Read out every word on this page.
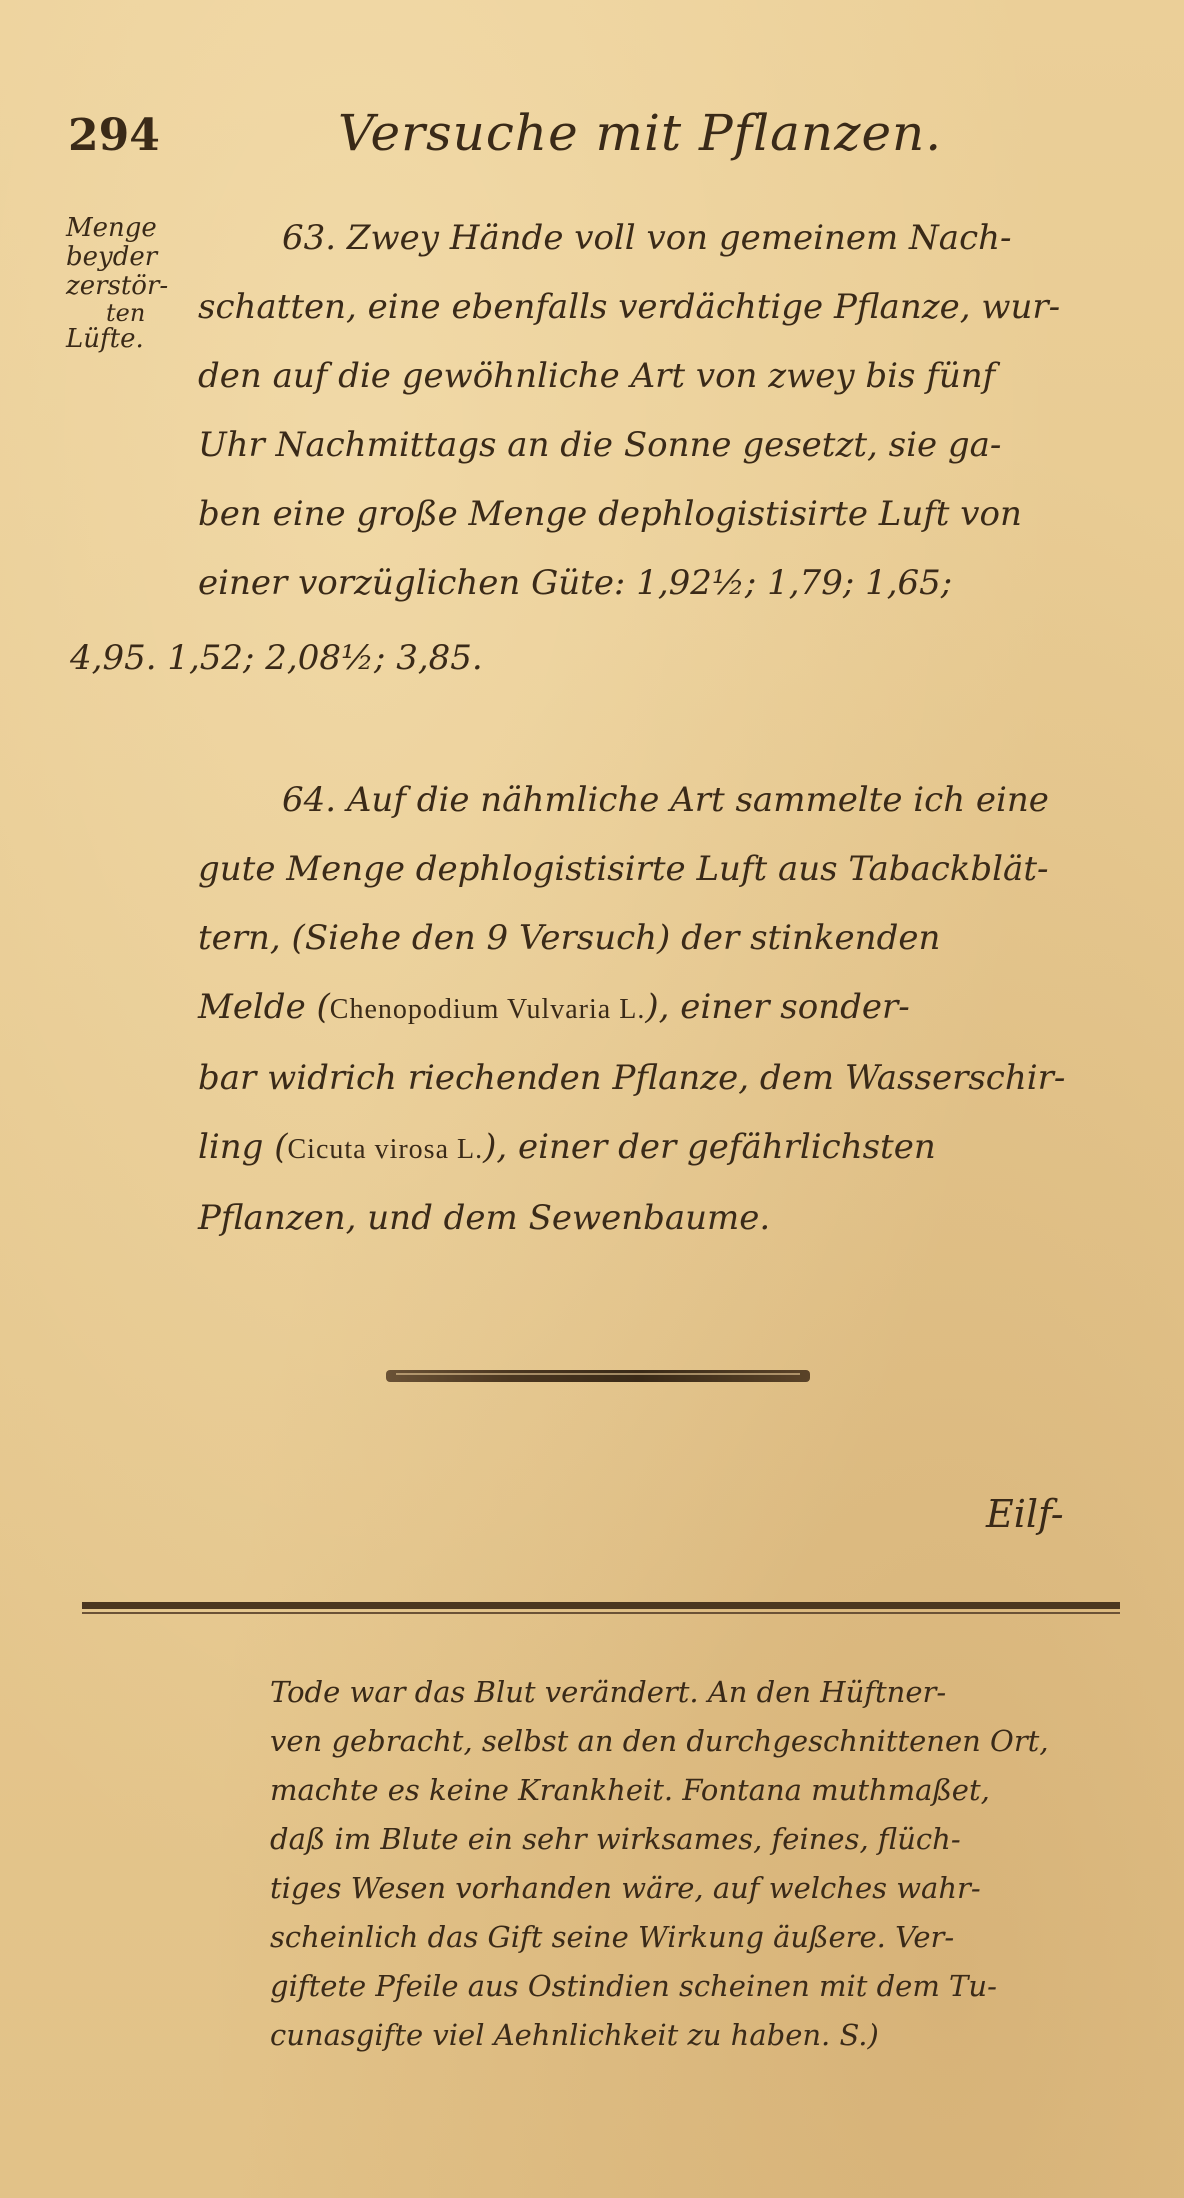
294	Versuche mit Pflanzen.
Menge
beyder
zerstör-
ten
Lüfte.
63. Zwey Hände voll von gemeinem Nach-
schatten, eine ebenfalls verdächtige Pflanze, wur-
den auf die gewöhnliche Art von zwey bis fünf
Uhr Nachmittags an die Sonne gesetzt, sie ga-
ben eine große Menge dephlogistisirte Luft von
einer vorzüglichen Güte: 1,92½; 1,79; 1,65;
4,95. 1,52; 2,08½; 3,85.
64. Auf die nähmliche Art sammelte ich eine
gute Menge dephlogistisirte Luft aus Tabackblät-
tern, (Siehe den 9 Versuch) der stinkenden
Melde (Chenopodium Vulvaria L.), einer sonder-
bar widrich riechenden Pflanze, dem Wasserschir-
ling (Cicuta virosa L.), einer der gefährlichsten
Pflanzen, und dem Sewenbaume.
Eilf-
Tode war das Blut verändert. An den Hüftner-
ven gebracht, selbst an den durchgeschnittenen Ort,
machte es keine Krankheit. Fontana muthmaßet,
daß im Blute ein sehr wirksames, feines, flüch-
tiges Wesen vorhanden wäre, auf welches wahr-
scheinlich das Gift seine Wirkung äußere. Ver-
giftete Pfeile aus Ostindien scheinen mit dem Tu-
cunasgifte viel Aehnlichkeit zu haben. S.)
